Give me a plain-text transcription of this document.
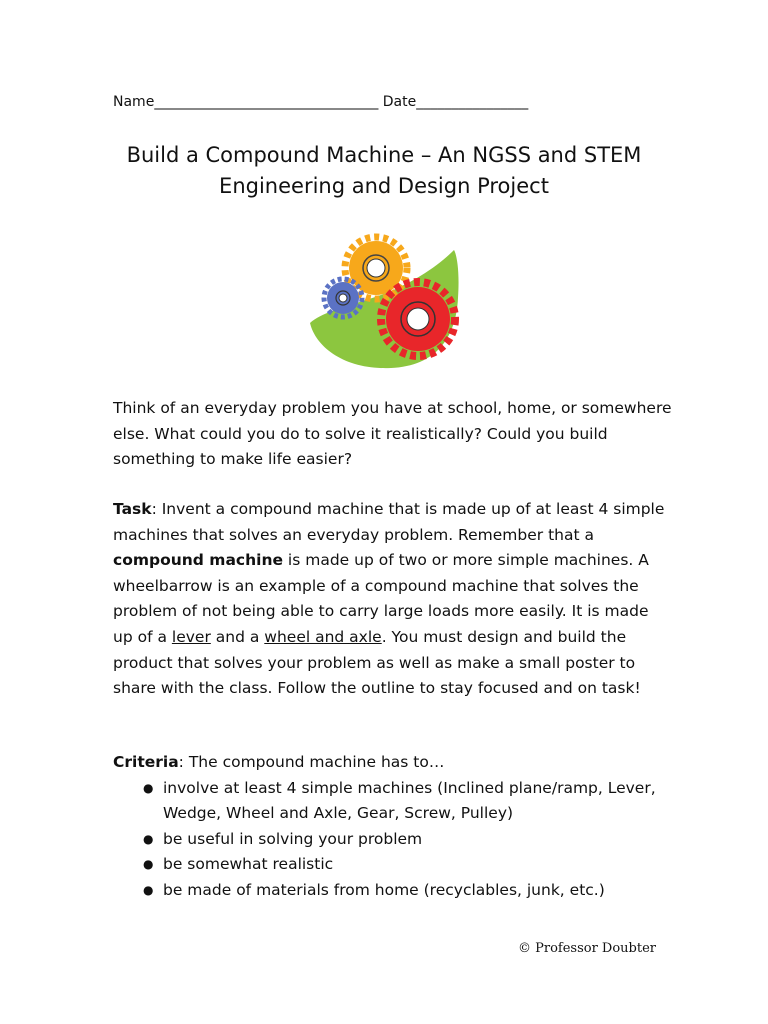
Name________________________________ Date________________
Build a Compound Machine – An NGSS and STEM
Engineering and Design Project

Think of an everyday problem you have at school, home, or somewhere else. What could you do to solve it realistically? Could you build something to make life easier?

Task: Invent a compound machine that is made up of at least 4 simple machines that solves an everyday problem. Remember that a compound machine is made up of two or more simple machines. A wheelbarrow is an example of a compound machine that solves the problem of not being able to carry large loads more easily. It is made up of a lever and a wheel and axle. You must design and build the product that solves your problem as well as make a small poster to share with the class. Follow the outline to stay focused and on task!

Criteria: The compound machine has to…

● involve at least 4 simple machines (Inclined plane/ramp, Lever, Wedge, Wheel and Axle, Gear, Screw, Pulley)
● be useful in solving your problem
● be somewhat realistic
● be made of materials from home (recyclables, junk, etc.)
© Professor Doubter
